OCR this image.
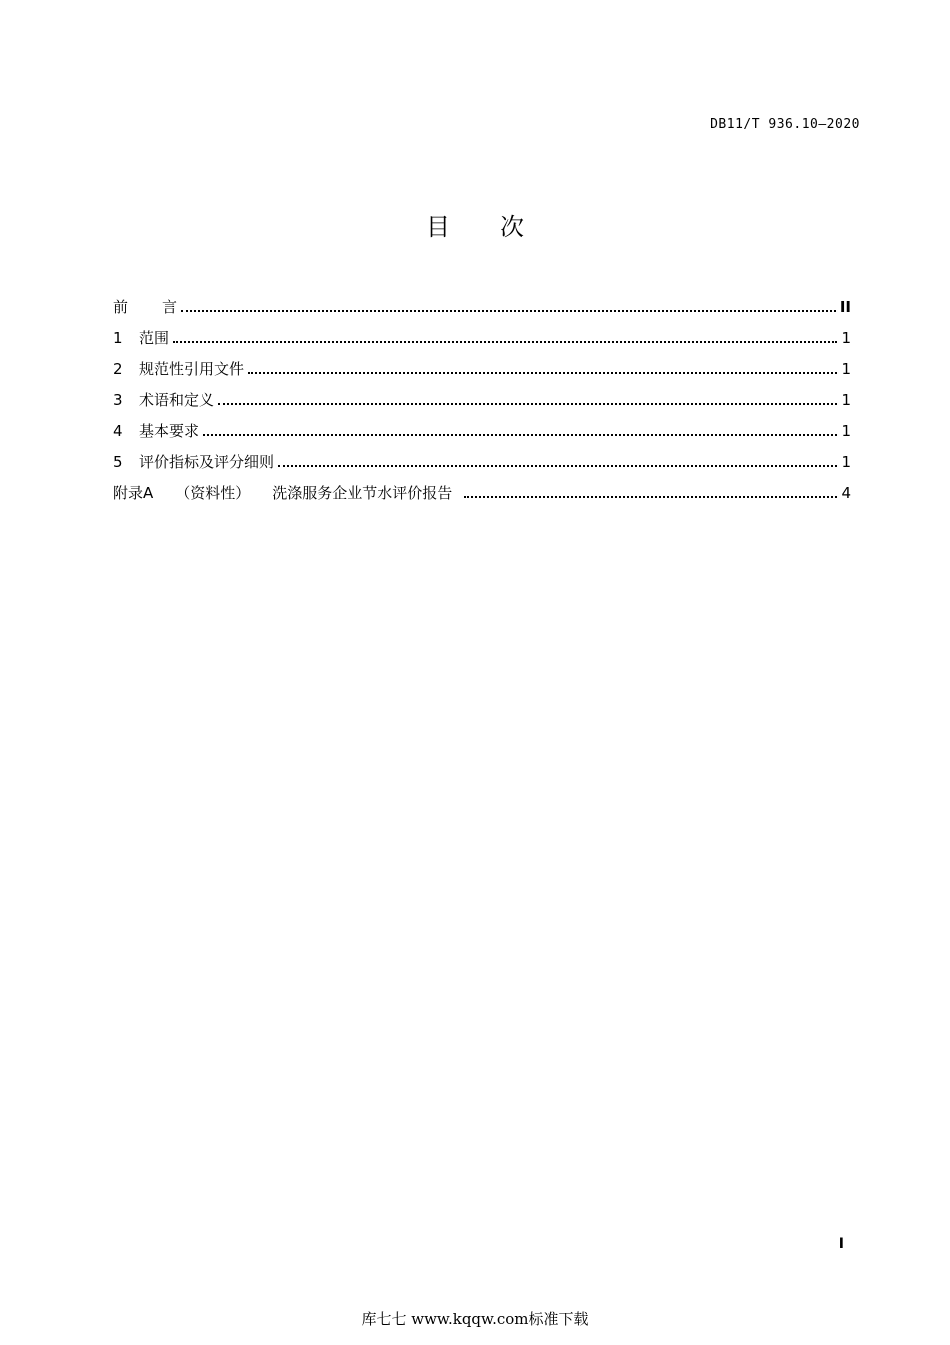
DB11/T 936.10—2020
目次
前言	II
1	范围	1
2	规范性引用文件	1
3	术语和定义	1
4	基本要求	1
5	评价指标及评分细则	1
附录A （资料性） 洗涤服务企业节水评价报告	4
I
库七七 www.kqqw.com标准下载
